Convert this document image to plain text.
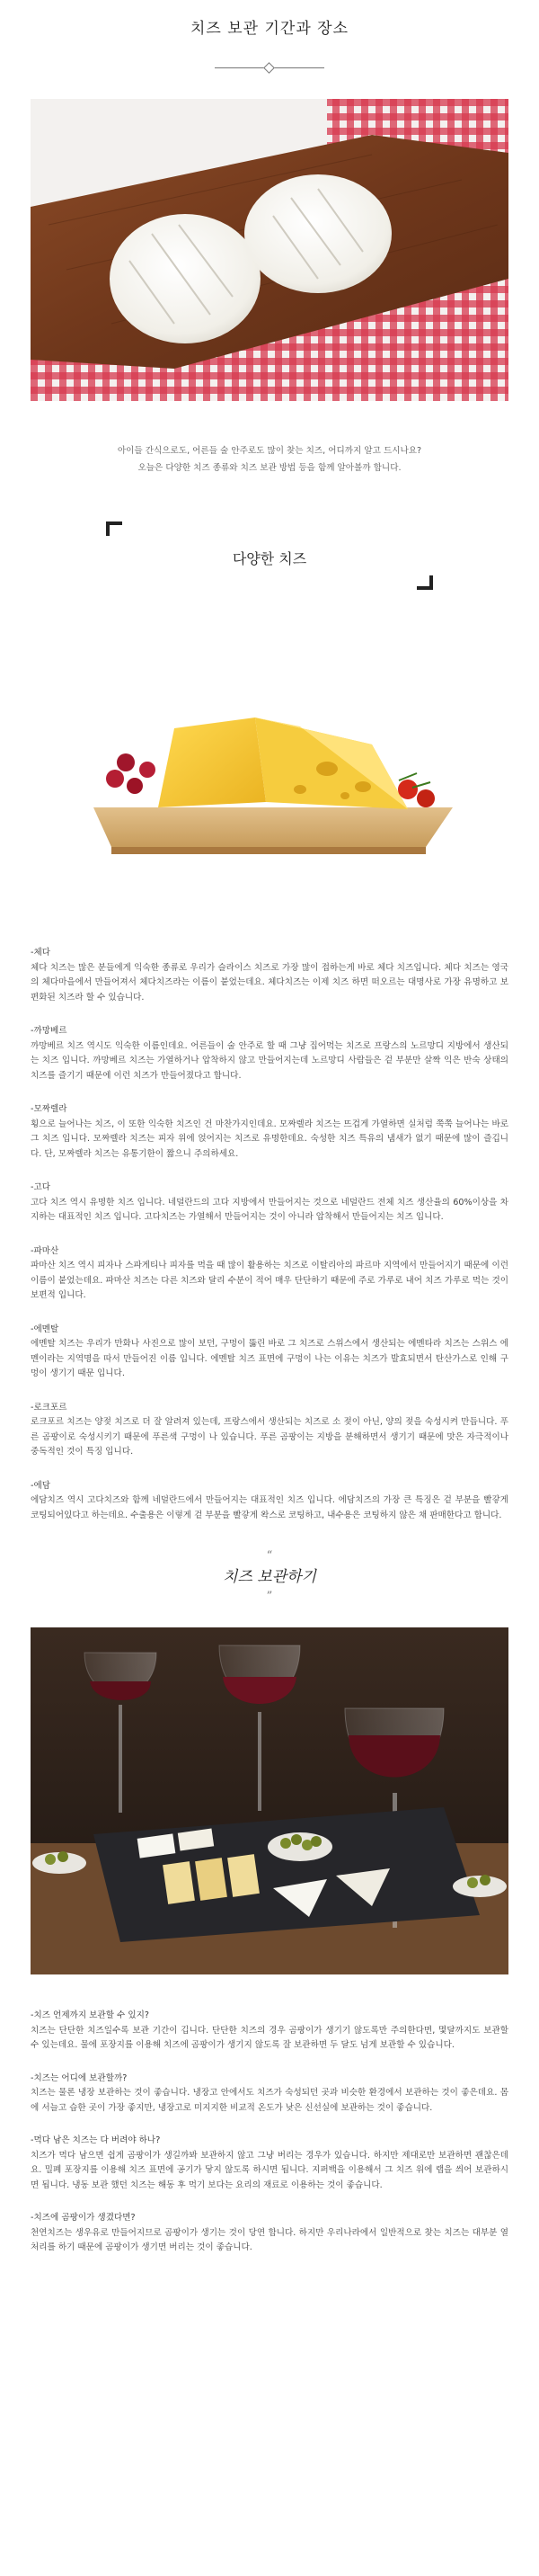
치즈 보관 기간과 장소

아이들 간식으로도, 어른들 술 안주로도 많이 찾는 치즈, 어디까지 알고 드시나요?

오늘은 다양한 치즈 종류와 치즈 보관 방법 등을 함께 알아볼까 합니다.

다양한 치즈
-체다
체다 치즈는 많은 분들에게 익숙한 종류로 우리가 슬라이스 치즈로 가장 많이 접하는게 바로 체다 치즈입니다. 체다 치즈는 영국의 체다마을에서 만들어져서 체다치즈라는 이름이 붙었는데요. 체다치즈는 이제 치즈 하면 떠오르는 대명사로 가장 유명하고 보편화된 치즈라 할 수 있습니다.
-까망베르
까망베르 치즈 역시도 익숙한 이름인데요. 어른들이 술 안주로 할 때 그냥 집어먹는 치즈로 프랑스의 노르망디 지방에서 생산되는 치즈 입니다. 까망베르 치즈는 가열하거나 압착하지 않고 만들어지는데 노르망디 사람들은 겉 부분만 살짝 익은 반숙 상태의 치즈를 즐기기 때문에 이런 치즈가 만들어졌다고 합니다.
-모짜렐라
횡으로 늘어나는 치즈, 이 또한 익숙한 치즈인 건 마찬가지인데요. 모짜렐라 치즈는 뜨겁게 가열하면 실처럼 쭉쭉 늘어나는 바로 그 치즈 입니다. 모짜렐라 치즈는 피자 위에 얹어지는 치즈로 유명한데요. 숙성한 치즈 특유의 냄새가 없기 때문에 많이 즐깁니다. 단, 모짜렐라 치즈는 유통기한이 짧으니 주의하세요.
-고다
고다 치즈 역시 유명한 치즈 입니다. 네덜란드의 고다 지방에서 만들어지는 것으로 네덜란드 전체 치즈 생산율의 60%이상을 차지하는 대표적인 치즈 입니다. 고다치즈는 가열해서 만들어지는 것이 아니라 압착해서 만들어지는 치즈 입니다.
-파마산
파마산 치즈 역시 피자나 스파게티나 피자를 먹을 때 많이 활용하는 치즈로 이탈리아의 파르마 지역에서 만들어지기 때문에 이런 이름이 붙었는데요. 파마산 치즈는 다른 치즈와 달리 수분이 적어 매우 단단하기 때문에 주로 가루로 내어 치즈 가루로 먹는 것이 보편적 입니다.
-에멘탈
에멘탈 치즈는 우리가 만화나 사진으로 많이 보던, 구멍이 뚫린 바로 그 치즈로 스위스에서 생산되는 에멘타라 치즈는 스위스 에멘이라는 지역명을 따서 만들어진 이름 입니다. 에멘탈 치즈 표면에 구멍이 나는 이유는 치즈가 발효되면서 탄산가스로 인해 구멍이 생기기 때문 입니다.
-로크포르
로크포르 치즈는 양젖 치즈로 더 잘 알려져 있는데, 프랑스에서 생산되는 치즈로 소 젖이 아닌, 양의 젖을 숙성시켜 만듭니다. 푸른 곰팡이로 숙성시키기 때문에 푸른색 구멍이 나 있습니다. 푸른 곰팡이는 지방을 분해하면서 생기기 때문에 맛은 자극적이나 중독적인 것이 특징 입니다.
-에담
에담치즈 역시 고다치즈와 함께 네덜란드에서 만들어지는 대표적인 치즈 입니다. 에담치즈의 가장 큰 특징은 겉 부분을 빨갛게 코팅되어있다고 하는데요. 수출용은 이렇게 겉 부분을 빨갛게 왁스로 코팅하고, 내수용은 코팅하지 않은 채 판매한다고 합니다.
“
치즈 보관하기
”
-치즈 언제까지 보관할 수 있지?
치즈는 단단한 치즈일수록 보관 기간이 깁니다. 단단한 치즈의 경우 곰팡이가 생기기 않도록만 주의한다면, 몇달까지도 보관할 수 있는데요. 물에 포장지를 이용해 치즈에 곰팡이가 생기지 않도록 잘 보관하면 두 달도 넘게 보관할 수 있습니다.
-치즈는 어디에 보관할까?
치즈는 물론 냉장 보관하는 것이 좋습니다. 냉장고 안에서도 치즈가 숙성되던 곳과 비슷한 환경에서 보관하는 것이 좋은데요. 몸에 서늘고 습한 곳이 가장 좋지만, 냉장고로 미지지한 비교적 온도가 낮은 신선실에 보관하는 것이 좋습니다.
-먹다 남은 치즈는 다 버려야 하나?
치즈가 먹다 남으면 쉽게 곰팡이가 생길까봐 보관하지 않고 그냥 버리는 경우가 있습니다. 하지만 제대로만 보관하면 괜찮은데요. 밀폐 포장지를 이용해 치즈 표면에 공기가 닿지 않도록 하시면 됩니다. 지퍼백을 이용해서 그 치즈 위에 랩을 씌어 보관하시면 됩니다. 냉동 보관 했던 치즈는 해동 후 먹기 보다는 요리의 재료로 이용하는 것이 좋습니다.
-치즈에 곰팡이가 생겼다면?
천연치즈는 생우유로 만들어지므로 곰팡이가 생기는 것이 당연 합니다. 하지만 우리나라에서 일반적으로 찾는 치즈는 대부분 열처리를 하기 때문에 곰팡이가 생기면 버리는 것이 좋습니다.
